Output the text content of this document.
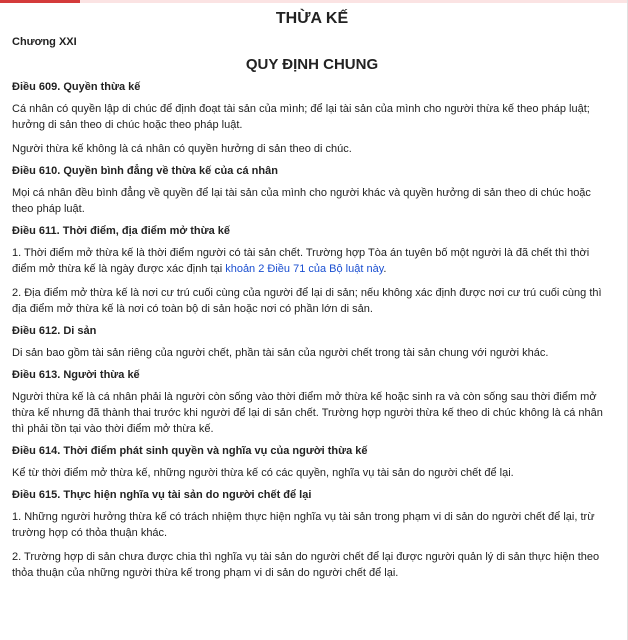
THỪA KẾ
Chương XXI
QUY ĐỊNH CHUNG

Điều 609. Quyền thừa kế

Cá nhân có quyền lập di chúc để định đoạt tài sản của mình; để lại tài sản của mình cho người thừa kế theo pháp luật; hưởng di sản theo di chúc hoặc theo pháp luật.

Người thừa kế không là cá nhân có quyền hưởng di sản theo di chúc.

Điều 610. Quyền bình đẳng về thừa kế của cá nhân

Mọi cá nhân đều bình đẳng về quyền để lại tài sản của mình cho người khác và quyền hưởng di sản theo di chúc hoặc theo pháp luật.

Điều 611. Thời điểm, địa điểm mở thừa kế

1. Thời điểm mở thừa kế là thời điểm người có tài sản chết. Trường hợp Tòa án tuyên bố một người là đã chết thì thời điểm mở thừa kế là ngày được xác định tại khoản 2 Điều 71 của Bộ luật này.

2. Địa điểm mở thừa kế là nơi cư trú cuối cùng của người để lại di sản; nếu không xác định được nơi cư trú cuối cùng thì địa điểm mở thừa kế là nơi có toàn bộ di sản hoặc nơi có phần lớn di sản.

Điều 612. Di sản

Di sản bao gồm tài sản riêng của người chết, phần tài sản của người chết trong tài sản chung với người khác.

Điều 613. Người thừa kế

Người thừa kế là cá nhân phải là người còn sống vào thời điểm mở thừa kế hoặc sinh ra và còn sống sau thời điểm mở thừa kế nhưng đã thành thai trước khi người để lại di sản chết. Trường hợp người thừa kế theo di chúc không là cá nhân thì phải tồn tại vào thời điểm mở thừa kế.

Điều 614. Thời điểm phát sinh quyền và nghĩa vụ của người thừa kế

Kể từ thời điểm mở thừa kế, những người thừa kế có các quyền, nghĩa vụ tài sản do người chết để lại.

Điều 615. Thực hiện nghĩa vụ tài sản do người chết để lại

1. Những người hưởng thừa kế có trách nhiệm thực hiện nghĩa vụ tài sản trong phạm vi di sản do người chết để lại, trừ trường hợp có thỏa thuận khác.

2. Trường hợp di sản chưa được chia thì nghĩa vụ tài sản do người chết để lại được người quản lý di sản thực hiện theo thỏa thuận của những người thừa kế trong phạm vi di sản do người chết để lại.
